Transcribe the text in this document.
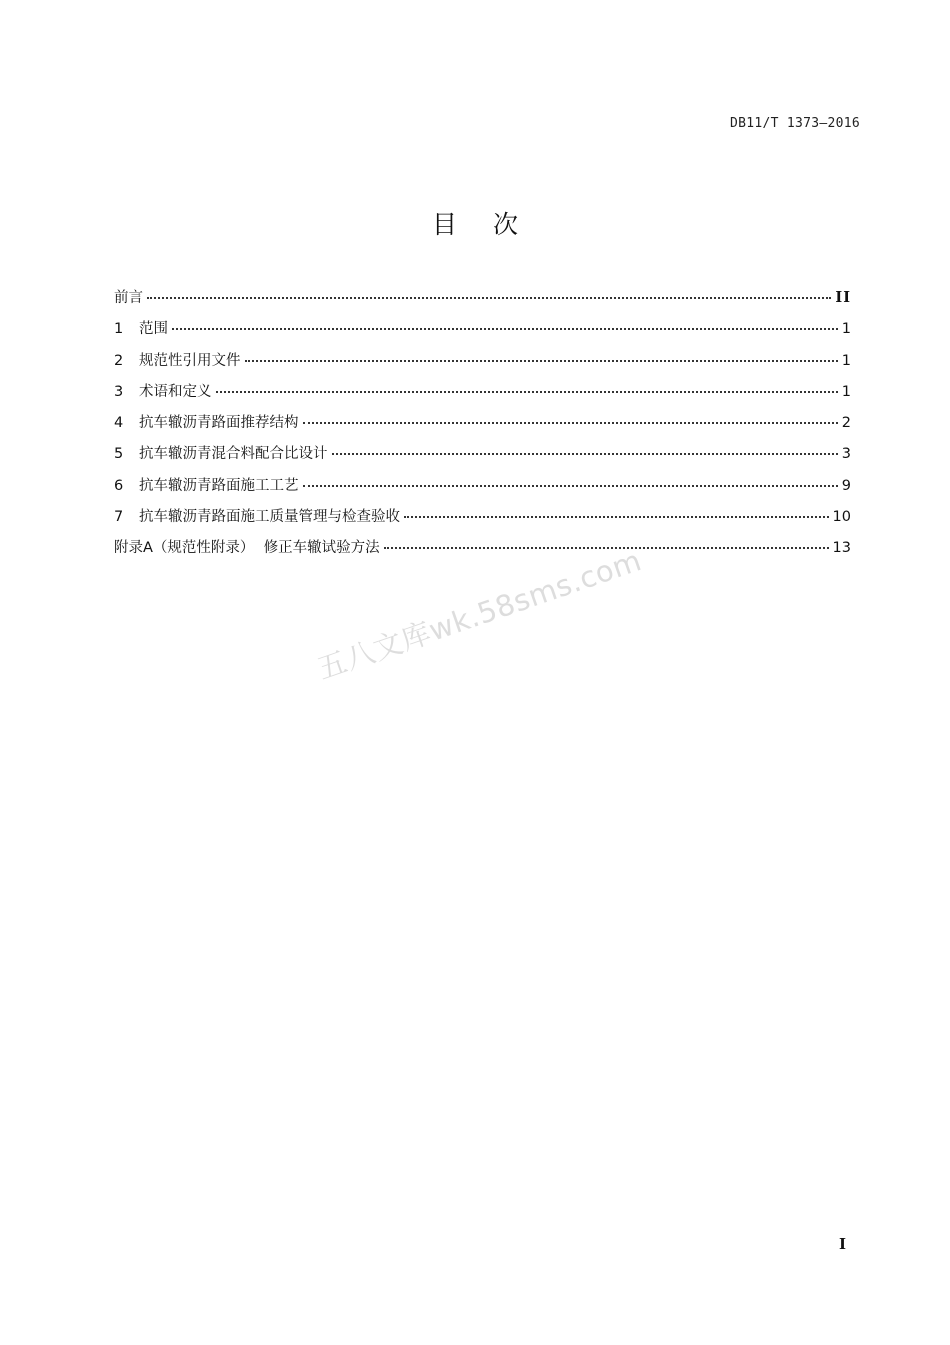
DB11/T 1373—2016
目次
前言	II
1	范围	1
2	规范性引用文件	1
3	术语和定义	1
4	抗车辙沥青路面推荐结构	2
5	抗车辙沥青混合料配合比设计	3
6	抗车辙沥青路面施工工艺	9
7	抗车辙沥青路面施工质量管理与检查验收	10
附录A（规范性附录）  修正车辙试验方法	13
五八文库wk.58sms.com
I
